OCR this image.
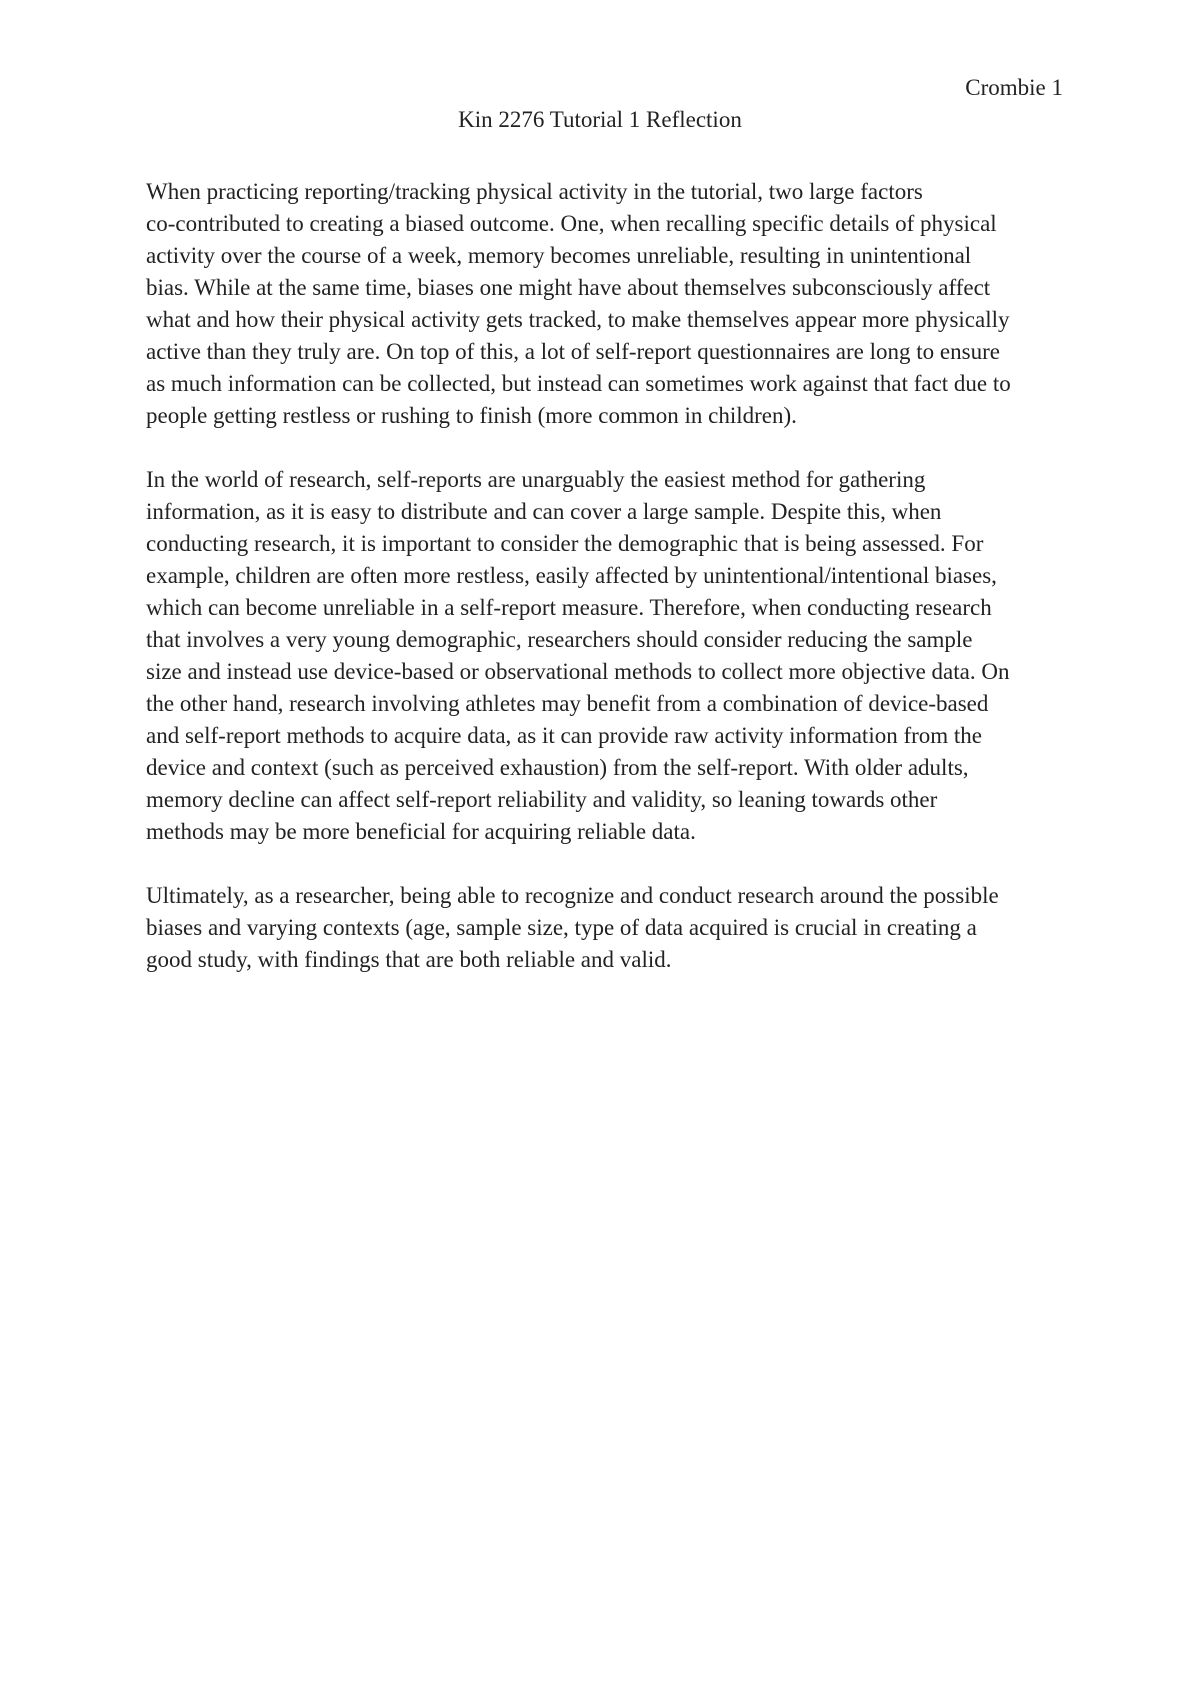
Crombie 1
Kin 2276 Tutorial 1 Reflection

When practicing reporting/tracking physical activity in the tutorial, two large factors
co-contributed to creating a biased outcome. One, when recalling specific details of physical
activity over the course of a week, memory becomes unreliable, resulting in unintentional
bias. While at the same time, biases one might have about themselves subconsciously affect
what and how their physical activity gets tracked, to make themselves appear more physically
active than they truly are. On top of this, a lot of self-report questionnaires are long to ensure
as much information can be collected, but instead can sometimes work against that fact due to
people getting restless or rushing to finish (more common in children).

In the world of research, self-reports are unarguably the easiest method for gathering
information, as it is easy to distribute and can cover a large sample. Despite this, when
conducting research, it is important to consider the demographic that is being assessed. For
example, children are often more restless, easily affected by unintentional/intentional biases,
which can become unreliable in a self-report measure. Therefore, when conducting research
that involves a very young demographic, researchers should consider reducing the sample
size and instead use device-based or observational methods to collect more objective data. On
the other hand, research involving athletes may benefit from a combination of device-based
and self-report methods to acquire data, as it can provide raw activity information from the
device and context (such as perceived exhaustion) from the self-report. With older adults,
memory decline can affect self-report reliability and validity, so leaning towards other
methods may be more beneficial for acquiring reliable data.

Ultimately, as a researcher, being able to recognize and conduct research around the possible
biases and varying contexts (age, sample size, type of data acquired is crucial in creating a
good study, with findings that are both reliable and valid.
